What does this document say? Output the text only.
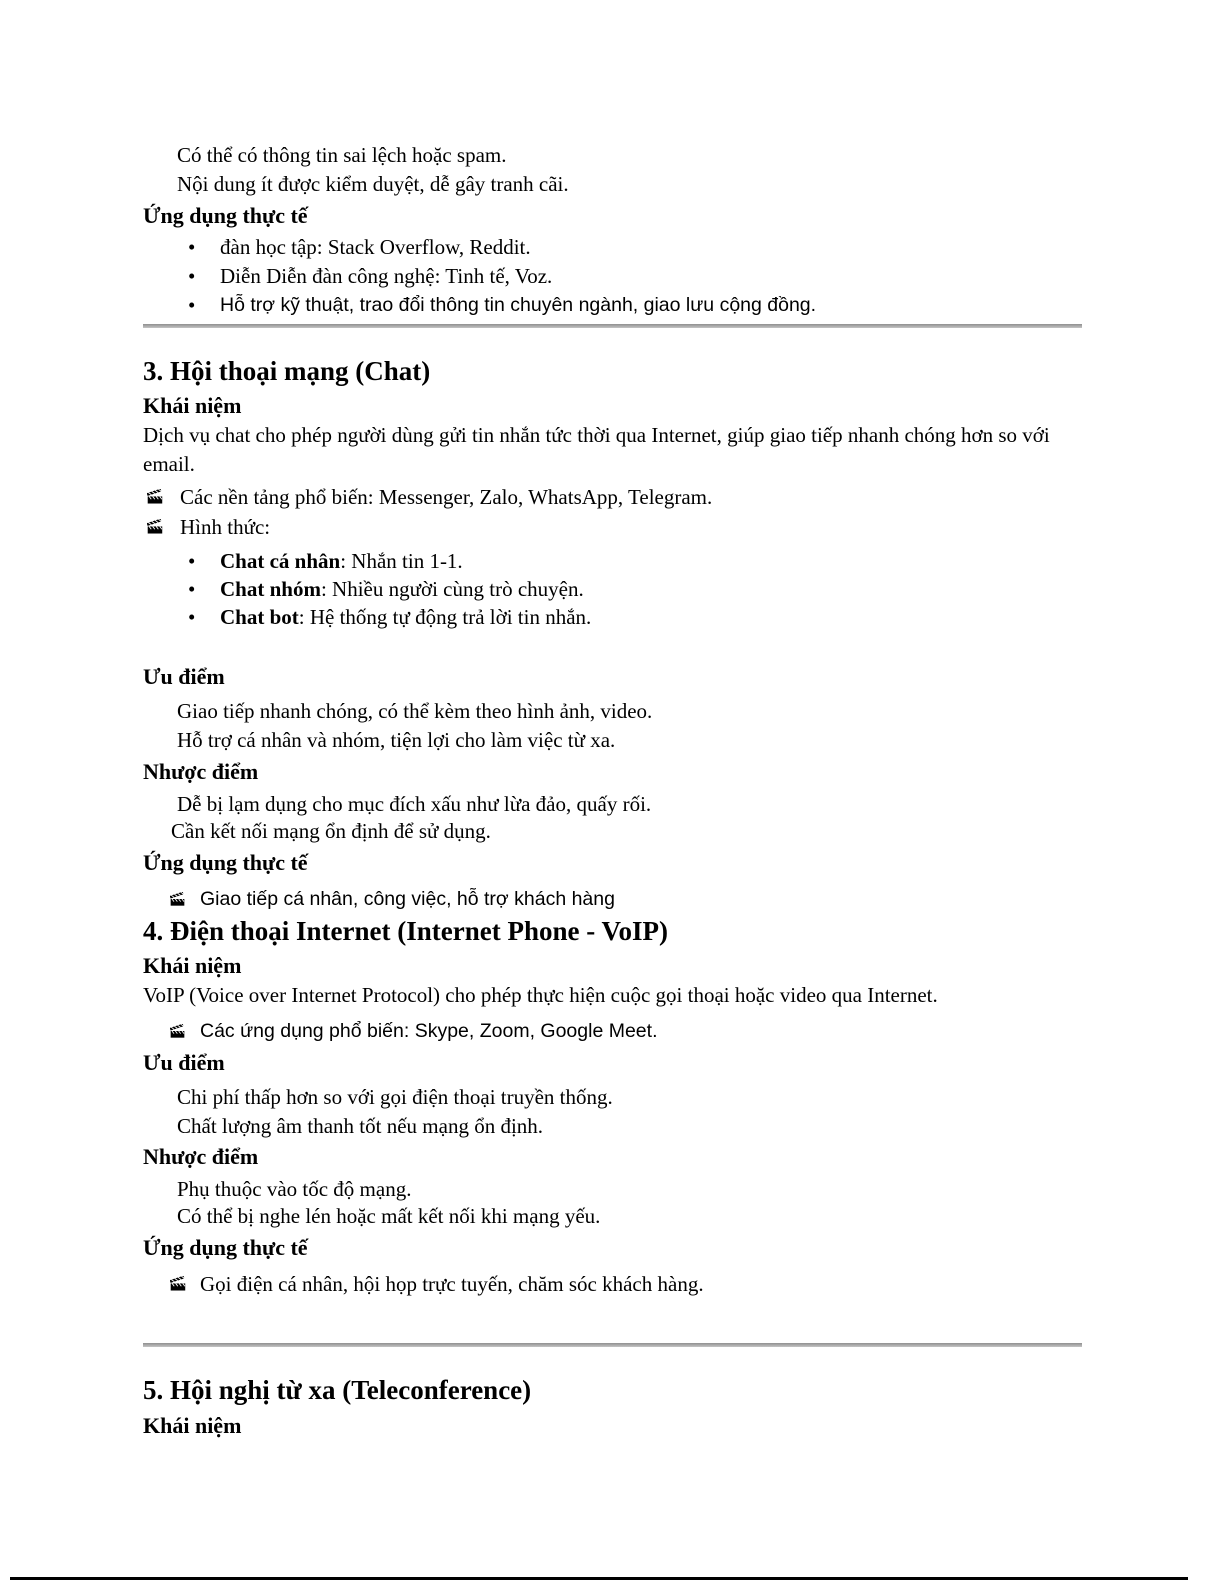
Có thể có thông tin sai lệch hoặc spam.
Nội dung ít được kiểm duyệt, dễ gây tranh cãi.
Ứng dụng thực tế
•
đàn học tập: Stack Overflow, Reddit.
•
Diễn Diễn đàn công nghệ: Tinh tế, Voz.
•
Hỗ trợ kỹ thuật, trao đổi thông tin chuyên ngành, giao lưu cộng đồng.
3. Hội thoại mạng (Chat)
Khái niệm
Dịch vụ chat cho phép người dùng gửi tin nhắn tức thời qua Internet, giúp giao tiếp nhanh chóng hơn so với email.
Các nền tảng phổ biến: Messenger, Zalo, WhatsApp, Telegram.
Hình thức:
•
Chat cá nhân: Nhắn tin 1-1.
•
Chat nhóm: Nhiều người cùng trò chuyện.
•
Chat bot: Hệ thống tự động trả lời tin nhắn.
Ưu điểm
Giao tiếp nhanh chóng, có thể kèm theo hình ảnh, video.
Hỗ trợ cá nhân và nhóm, tiện lợi cho làm việc từ xa.
Nhược điểm
Dễ bị lạm dụng cho mục đích xấu như lừa đảo, quấy rối.
Cần kết nối mạng ổn định để sử dụng.
Ứng dụng thực tế
Giao tiếp cá nhân, công việc, hỗ trợ khách hàng
4. Điện thoại Internet (Internet Phone - VoIP)
Khái niệm
VoIP (Voice over Internet Protocol) cho phép thực hiện cuộc gọi thoại hoặc video qua Internet.
Các ứng dụng phổ biến: Skype, Zoom, Google Meet.
Ưu điểm
Chi phí thấp hơn so với gọi điện thoại truyền thống.
Chất lượng âm thanh tốt nếu mạng ổn định.
Nhược điểm
Phụ thuộc vào tốc độ mạng.
Có thể bị nghe lén hoặc mất kết nối khi mạng yếu.
Ứng dụng thực tế
Gọi điện cá nhân, hội họp trực tuyến, chăm sóc khách hàng.
5. Hội nghị từ xa (Teleconference)
Khái niệm
